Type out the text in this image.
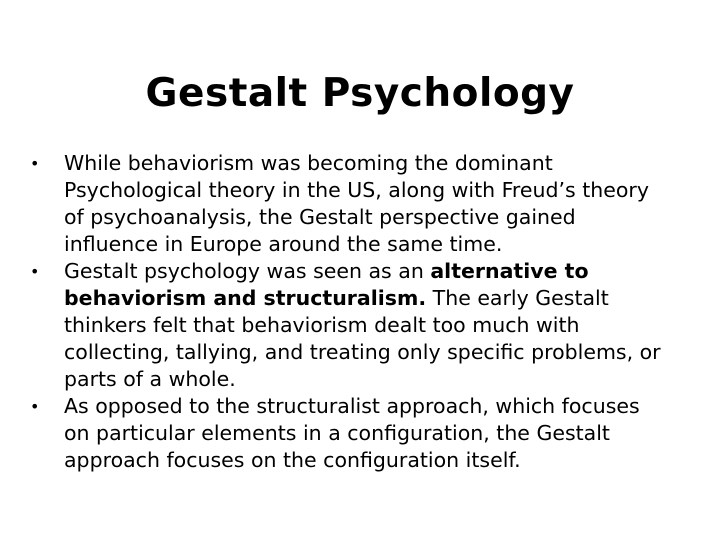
Gestalt Psychology
•	While behaviorism was becoming the dominant Psychological theory in the US, along with Freud’s theory of psychoanalysis, the Gestalt perspective gained influence in Europe around the same time.
•	Gestalt psychology was seen as an alternative to behaviorism and structuralism. The early Gestalt thinkers felt that behaviorism dealt too much with collecting, tallying, and treating only specific problems, or parts of a whole.
•	As opposed to the structuralist approach, which focuses on particular elements in a configuration, the Gestalt approach focuses on the configuration itself.
